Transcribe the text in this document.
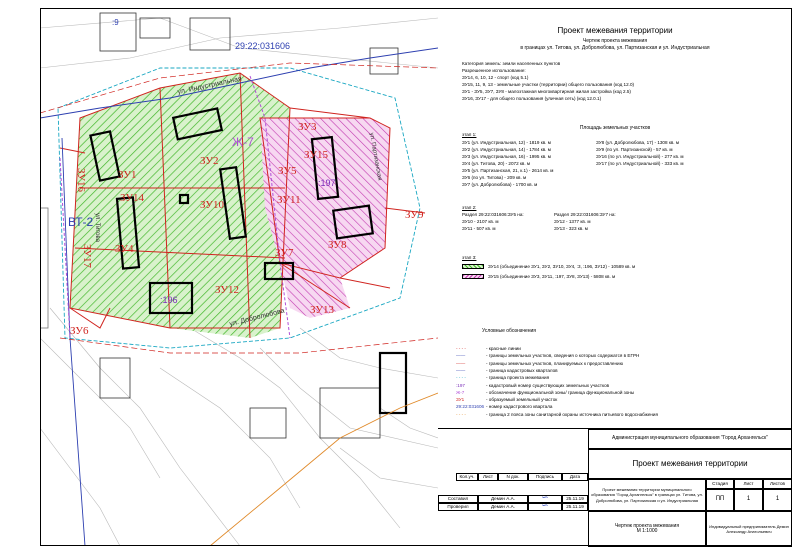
ул. Индустриальная
ул. Добролюбова
ул. Титова
ул. Партизанская
29:22:031606
:9
Ж-7
ВТ-2
:197
:196
ЗУ1
ЗУ2
ЗУ3
ЗУ4
ЗУ5
ЗУ6
ЗУ7
ЗУ8
ЗУ9
ЗУ10	ЗУ11
ЗУ12
ЗУ13
ЗУ14
ЗУ15
ЗУ16
ЗУ17
Проект межевания территории
Чертеж проекта межевания
в границах ул. Титова, ул. Добролюбова, ул. Партизанская и ул. Индустриальная
Категория земель: земли населенных пунктов
Разрешенное использование:
ЗУ14, 6, 10, 12 - спорт (код 5.1)
ЗУ15, 11, 9, 13 - земельные участки (территории) общего пользования (код 12.0)
ЗУ1 - ЗУ5, ЗУ7, ЗУ8 - малоэтажная многоквартирная жилая застройка (код 2.5)
ЗУ16, ЗУ17 - для общего пользования (уличная сеть) (код 12.0.1)
Площадь земельных участков
этап 1:
ЗУ1 (ул. Индустриальная, 12) - 1819 кв. м
ЗУ2 (ул. Индустриальная, 14) - 1784 кв. м
ЗУ3 (ул. Индустриальная, 16) - 1995 кв. м
ЗУ4 (ул. Титова, 20) - 2072 кв. м
ЗУ5 (ул. Партизанская, 21, к.1) - 2614 кв. м
ЗУ6 (по ул. Титова) - 209 кв. м
ЗУ7 (ул. Добролюбова) - 1700 кв. м
ЗУ8 (ул. Добролюбова, 17) - 1308 кв. м
ЗУ9 (по ул. Партизанской) - 57 кв. м
ЗУ16 (по ул. Индустриальной) - 277 кв. м
ЗУ17 (по ул. Индустриальной) - 333 кв. м
этап 2:
Раздел 29:22:031606:ЗУ5 на:
ЗУ10 - 2107 кв. м
ЗУ11 - 507 кв. м
Раздел 29:22:031606:ЗУ7 на:
ЗУ12 - 1377 кв. м
ЗУ13 - 323 кв. м
этап 3:
ЗУ14 (объединение ЗУ1, ЗУ2, ЗУ10, ЗУ4, :3, :196, ЗУ12) - 10589 кв. м
ЗУ15 (объединение ЗУ3, ЗУ11, :197, ЗУ8, ЗУ13) - 5808 кв. м
Условные обозначения
- - - -	- красные линии
——	- границы земельных участков, сведения о которых содержатся в ЕГРН
——	- границы земельных участков, планируемых к предоставлению
——	- граница кадастровых кварталов
- - - -	- граница проекта межевания
:197	- кадастровый номер существующих земельных участков
Ж-7	- обозначение функциональной зоны/ граница функциональной зоны
ЗУ1	- образуемый земельный участок
29:22:031606 - номер кадастрового квартала
- - - -	- граница 2 пояса зоны санитарной охраны источника питьевого водоснабжения
Администрация муниципального образования "Город Архангельск"
Проект межевания территории
Кол.уч.	Лист	N док.	Подпись	Дата
Проект межевания территории муниципального образования "Город Архангельск" в границах ул. Титова, ул. Добролюбова, ул. Партизанская и ул. Индустриальная
Стадия	Лист	Листов
ПП	1	1
Составил	Демин А.А.	∽	25.11.19
Проверил	Демин А.А.	∽	25.11.19
Чертеж проекта межевания
М 1:1000
Индивидуальный предприниматель Демин Александр Анатольевич
